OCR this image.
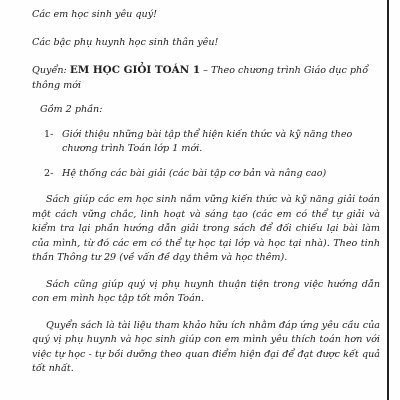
Các em học sinh yêu quý!

Các bậc phụ huynh học sinh thân yêu!

Quyển: EM HỌC GIỎI TOÁN 1 – Theo chương trình Giáo dục phổ thông mới

Gồm 2 phần:

1- Giới thiệu những bài tập thể hiện kiến thức và kỹ năng theo chương trình Toán lớp 1 mới.
2- Hệ thống các bài giải (các bài tập cơ bản và nâng cao)

Sách giúp các em học sinh nắm vững kiến thức và kỹ năng giải toán một cách vững chắc, linh hoạt và sáng tạo (các em có thể tự giải và kiểm tra lại phần hướng dẫn giải trong sách để đối chiếu lại bài làm của mình, từ đó các em có thể tự học tại lớp và học tại nhà). Theo tinh thần Thông tư 29 (về vấn đề dạy thêm và học thêm).

Sách cũng giúp quý vị phụ huynh thuận tiện trong việc hướng dẫn con em mình học tập tốt môn Toán.

Quyển sách là tài liệu tham khảo hữu ích nhằm đáp ứng yêu cầu của quý vị phụ huynh và học sinh giúp con em mình yêu thích toán hơn với việc tự học - tự bồi dưỡng theo quan điểm hiện đại để đạt được kết quả tốt nhất.
